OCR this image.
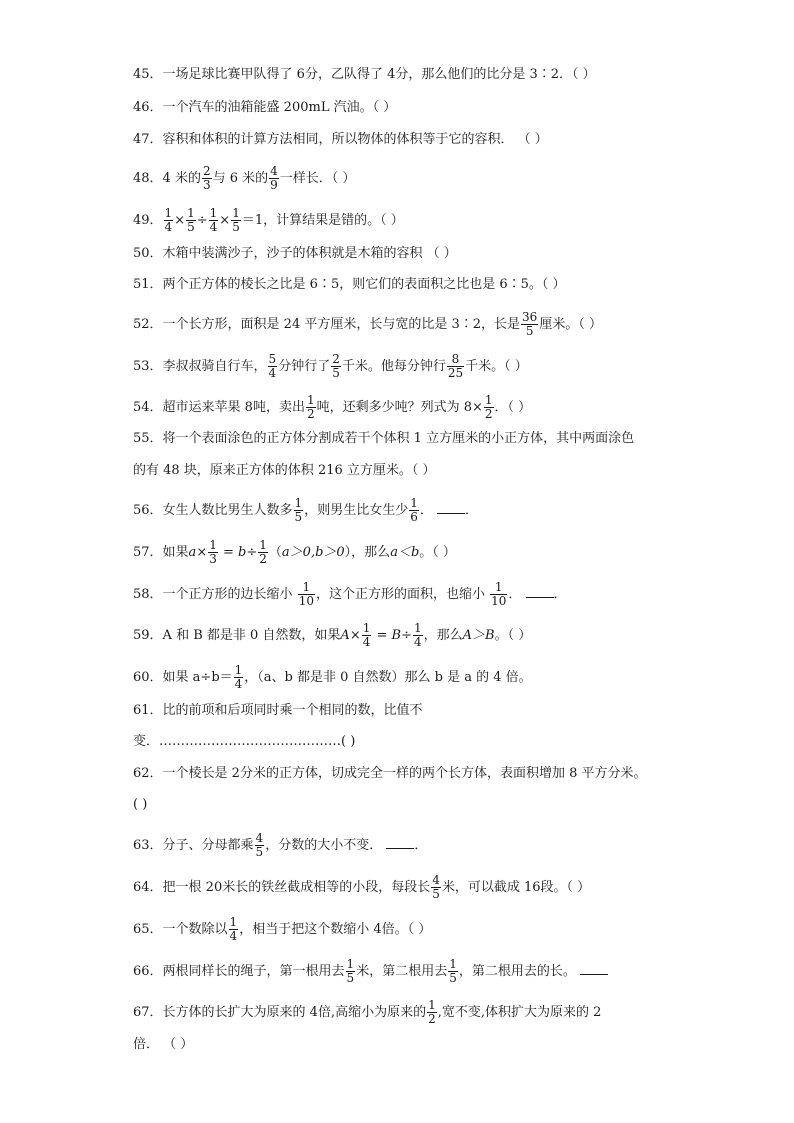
45．一场足球比赛甲队得了 6分，乙队得了 4分，那么他们的比分是 3∶2．（ ）
46．一个汽车的油箱能盛 200mL 汽油。（ ）
47．容积和体积的计算方法相同，所以物体的体积等于它的容积． （ ）
48．4 米的 $\frac{2}{3}$ 与 6 米的 $\frac{4}{9}$ 一样长．（ ）
49． $\frac{1}{4} \times \frac{1}{5} \div \frac{1}{4} \times \frac{1}{5} =1$，计算结果是错的。（ ）
50．木箱中装满沙子，沙子的体积就是木箱的容积 （ ）
51．两个正方体的棱长之比是 6∶5，则它们的表面积之比也是 6∶5。（ ）
52．一个长方形，面积是 24 平方厘米，长与宽的比是 3∶2，长是 $\frac{36}{5}$ 厘米。（ ）
53．李叔叔骑自行车， $\frac{5}{4}$ 分钟行了 $\frac{2}{5}$ 千米。他每分钟行 $\frac{8}{25}$ 千米。（ ）
54．超市运来苹果 8吨，卖出 $\frac{1}{2}$ 吨，还剩多少吨？列式为 $8\times \frac{1}{2}$ ．（ ）
55．将一个表面涂色的正方体分割成若干个体积 1 立方厘米的小正方体，其中两面涂色
的有 48 块，原来正方体的体积 216 立方厘米。（ ）
56．女生人数比男生人数多 $\frac{1}{5}$ ，则男生比女生少 $\frac{1}{6}$ ． ．
57．如果$a\times \frac{1}{3} = b\div \frac{1}{2} (a>0,b>0)$，那么a＜b。（ ）
58．一个正方形的边长缩小 $\frac{1}{10}$ ，这个正方形的面积，也缩小 $\frac{1}{10}$ ． ．
59．A 和 B 都是非 0 自然数，如果$A\times \frac{1}{4} = B\div \frac{1}{4}$ ，那么A＞B。（ ）
60．如果 $a\div b= \frac{1}{4}$ ，（a、b 都是非 0 自然数）那么 b 是 a 的 4 倍。
61．比的前项和后项同时乘一个相同的数，比值不
变．……………………………………( )
62．一个棱长是 2分米的正方体，切成完全一样的两个长方体，表面积增加 8 平方分米。
( )
63．分子、分母都乘 $\frac{4}{5}$ ，分数的大小不变． ．
64．把一根 20米长的铁丝截成相等的小段，每段长 $\frac{4}{5}$ 米，可以截成 16段。（ ）
65．一个数除以 $\frac{1}{4}$ ，相当于把这个数缩小 4倍。（ ）
66．两根同样长的绳子，第一根用去 $\frac{1}{5}$ 米，第二根用去 $\frac{1}{5}$ ，第二根用去的长。
67．长方体的长扩大为原来的 4倍,高缩小为原来的 $\frac{1}{2}$ ,宽不变,体积扩大为原来的 2
倍． （ ）
